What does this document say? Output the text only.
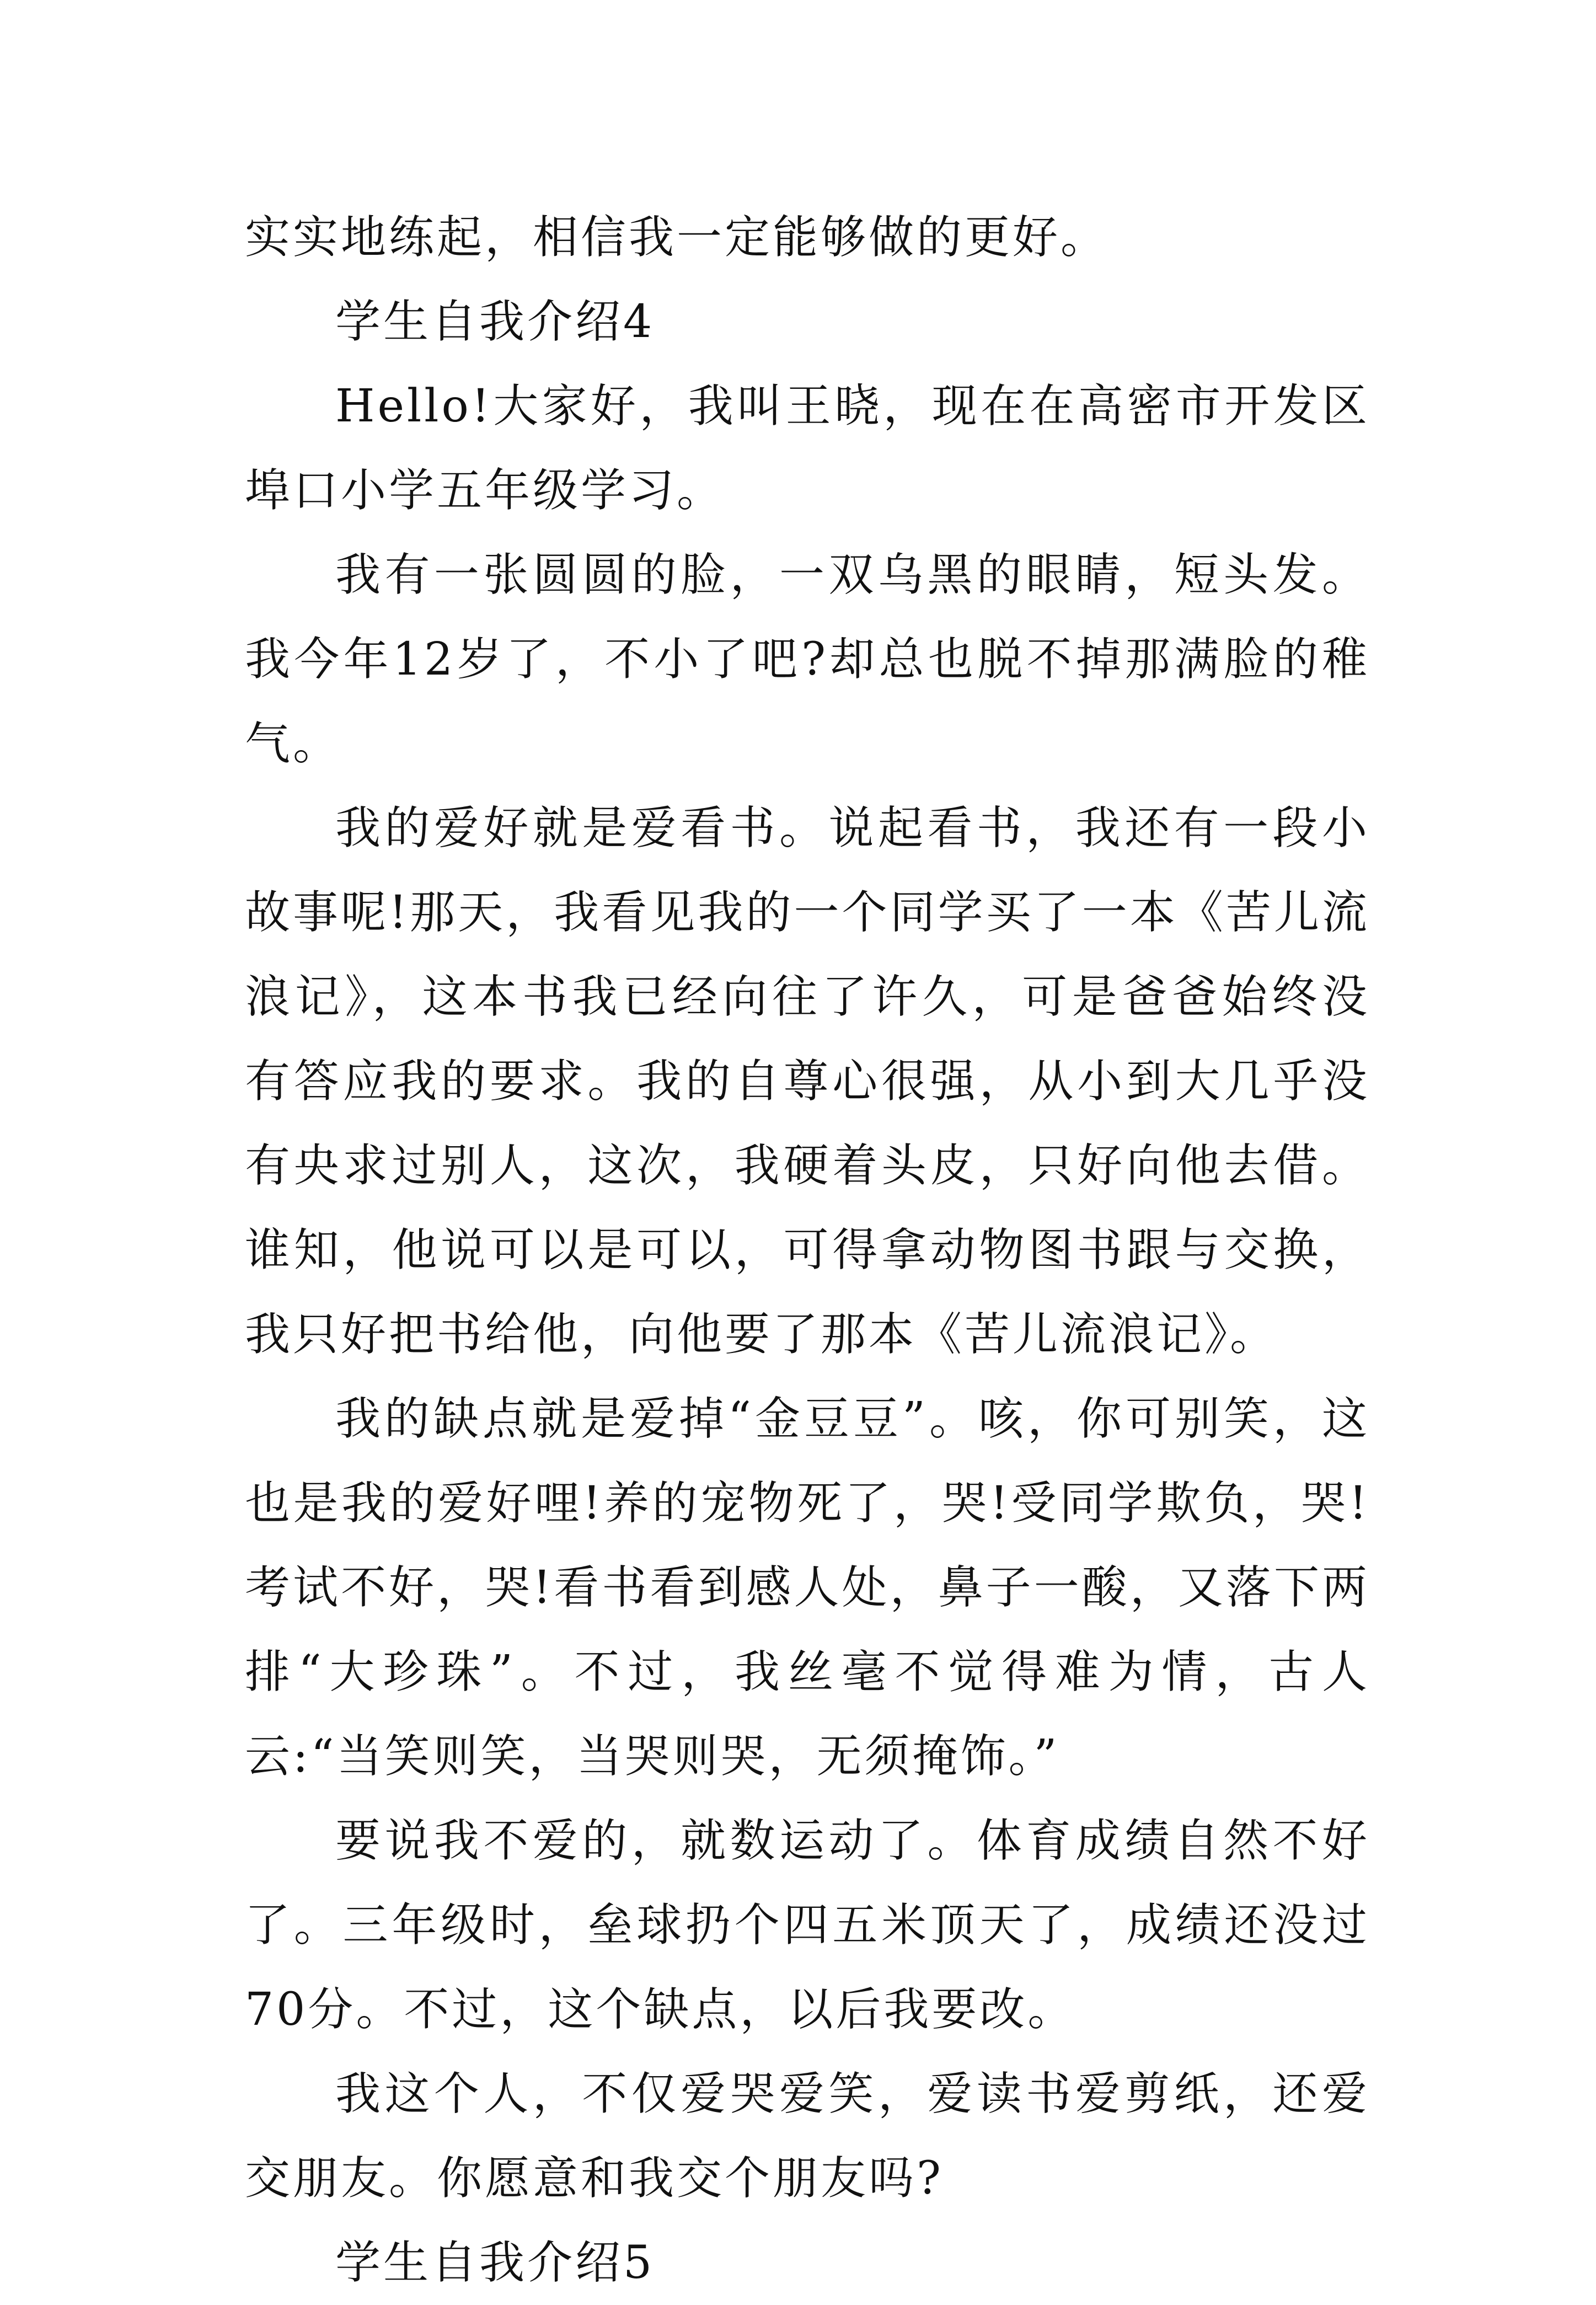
实实地练起，相信我一定能够做的更好。

学生自我介绍4

Hello!大家好，我叫王晓，现在在高密市开发区埠口小学五年级学习。

我有一张圆圆的脸，一双乌黑的眼睛，短头发。我今年12岁了，不小了吧?却总也脱不掉那满脸的稚气。

我的爱好就是爱看书。说起看书，我还有一段小故事呢!那天，我看见我的一个同学买了一本《苦儿流浪记》，这本书我已经向往了许久，可是爸爸始终没有答应我的要求。我的自尊心很强，从小到大几乎没有央求过别人，这次，我硬着头皮，只好向他去借。谁知，他说可以是可以，可得拿动物图书跟与交换，我只好把书给他，向他要了那本《苦儿流浪记》。

我的缺点就是爱掉“金豆豆”。咳，你可别笑，这也是我的爱好哩!养的宠物死了，哭!受同学欺负，哭!考试不好，哭!看书看到感人处，鼻子一酸，又落下两排“大珍珠”。不过，我丝毫不觉得难为情，古人云:“当笑则笑，当哭则哭，无须掩饰。”

要说我不爱的，就数运动了。体育成绩自然不好了。三年级时，垒球扔个四五米顶天了，成绩还没过70分。不过，这个缺点，以后我要改。

我这个人，不仅爱哭爱笑，爱读书爱剪纸，还爱交朋友。你愿意和我交个朋友吗?

学生自我介绍5
